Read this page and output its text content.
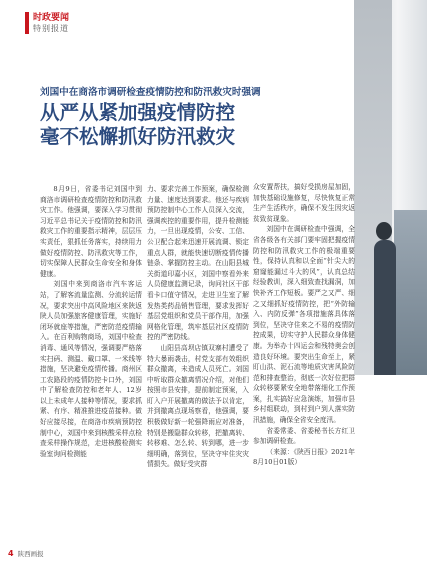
时政要闻
特别报道
刘国中在商洛市调研检查疫情防控和防汛救灾时强调
从严从紧加强疫情防控
毫不松懈抓好防汛救灾

8月9日，省委书记刘国中到商洛市调研检查疫情防控和防汛救灾工作。他强调，要深入学习贯彻习近平总书记关于疫情防控和防汛救灾工作的重要指示精神，层层压实责任，狠抓任务落实，持续用力做好疫情防控、防汛救灾等工作，切实保障人民群众生命安全和身体健康。

刘国中来到商洛市汽车客运站，了解客流量监测、分流转运情况，要求突出中高风险地区来陕返陕人员加强旅客健康管理，实施好闭环就座等措施，严密防范疫情输入。在百利购物商场，刘国中检查消毒、通风等情况，强调要严格落实扫码、测温、戴口罩、一米线等措施，坚决避免疫情传播。商州区工农路段的疫情防控卡口外，刘国中了解检查防控和老年人、12岁以上未成年人接种等情况，要求抓紧、有序、精准推进疫苗接种。做好应接尽接，在商洛市疾病预防控制中心，刘国中来到核酸采样点检查采样操作规范，走进核酸检测实验室询问检测能

力、要求完善工作预案，确保检测力量、速度达到要求。他还与疾病预防控制中心工作人员深入交流，强调疾控的重要作用，提升检测能力，一旦出现疫情，公安、工信、公卫配合起来迅速开展流调、锁定重点人群，就能快速切断疫情传播链条、掌握防控主动。在山阳县城关街道印嘉小区，刘国中察看外来人员健康监测记录，询问社区干部看卡口值守情况，走进卫生室了解发热类药品销售管理，要求发挥好基层党组织和党员干部作用，加强网格化管理，筑牢基层社区疫情防控的严密防线。

山阳县高坝店镇双寨村遭受了特大暴雨袭击，村党支部有效组织群众撤离，未造成人员死亡。刘国中听取群众撤离情况介绍，对他们按照市县安排，提前制定预案，入盯入户开展撤离的做法予以肯定，并到撤离点现场察看，他强调，要积极做好新一轮强降雨应对准备，特别是搬隐群众转移，把撤离转、转移难、怎么转、转到哪，进一步细明确，落到位，坚决守牢住灾灾情损失。做好受灾群

众安置帮扶，搞好受损房屋加固，加快基础设施修复，尽快恢复正常生产生活秩序，确保不发生因灾返贫致贫现象。

刘国中在调研检查中强调，全省各级各有关部门要牢固把握疫情防控和防汛救灾工作的极端重要性，保持认真和以全面“针尖大的窟窿能漏过斗大的风”，认真总结经验教训，深入细致查找漏洞，加快补齐工作短板。要严之又严、细之又细抓好疫情防控，把“外防输入、内防反弹”各项措施落具体落到位，坚决守住来之不易的疫情防控成果，切实守护人民群众身体健康。为举办十四运会和残特奥会创造良好环境。要突出生命至上，紧盯山洪、泥石流等地质灾害风险防范和排查整治，彻底一次好位把群众转移要紧安全地带落细化工作预案，扎实搞好应急演练，加强市县乡村组联动，到村到户到人落实防汛措施，确保全省安全度汛。

省委常委、省委秘书长方红卫参加调研检查。

（来源：《陕西日报》2021年8月10日01版）

4 陕西画报
